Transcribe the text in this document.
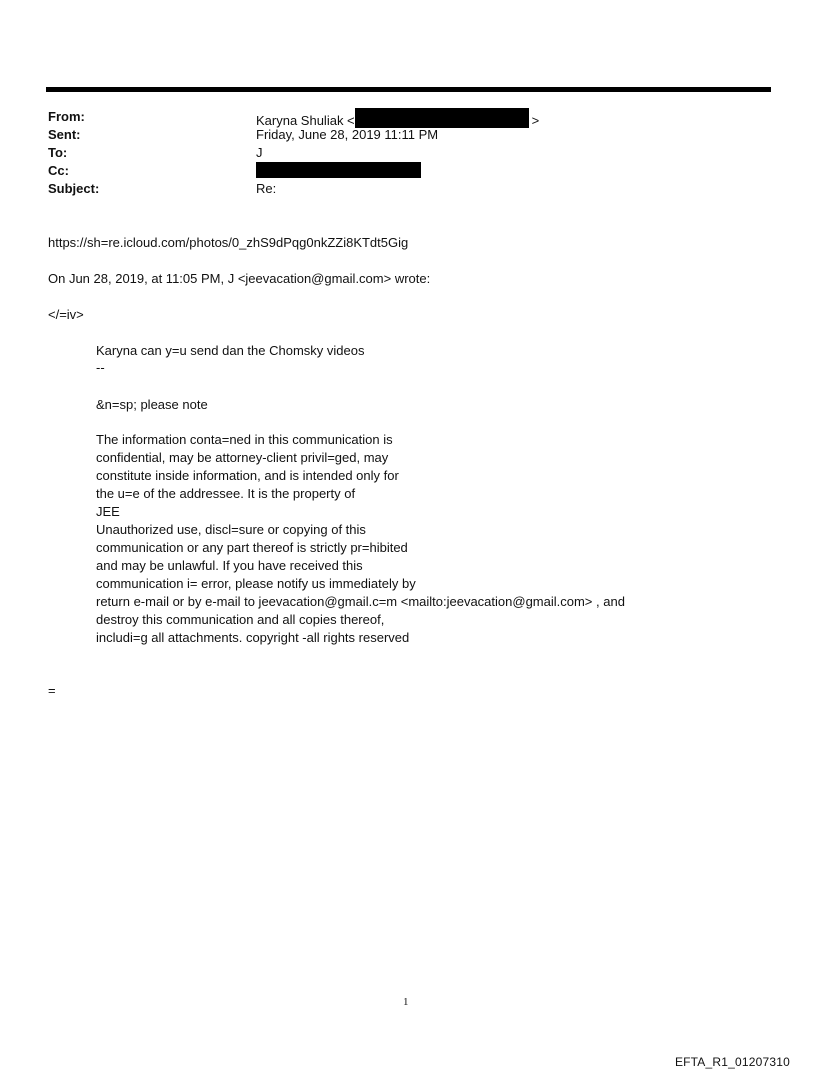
From:	Karyna Shuliak <	>
Sent:	Friday, June 28, 2019 11:11 PM
To:	J
Cc:
Subject:	Re:
https://sh=re.icloud.com/photos/0_zhS9dPqg0nkZZi8KTdt5Gig
On Jun 28, 2019, at 11:05 PM, J <jeevacation@gmail.com> wrote:
</=iv>
Karyna can y=u send dan the Chomsky videos
--
&n=sp; please note
The information conta=ned in this communication is
confidential, may be attorney-client privil=ged, may
constitute inside information, and is intended only for
the u=e of the addressee. It is the property of
JEE
Unauthorized use, discl=sure or copying of this
communication or any part thereof is strictly pr=hibited
and may be unlawful. If you have received this
communication i= error, please notify us immediately by
return e-mail or by e-mail to jeevacation@gmail.c=m <mailto:jeevacation@gmail.com> , and
destroy this communication and all copies thereof,
includi=g all attachments. copyright -all rights reserved
=
1
EFTA_R1_01207310
